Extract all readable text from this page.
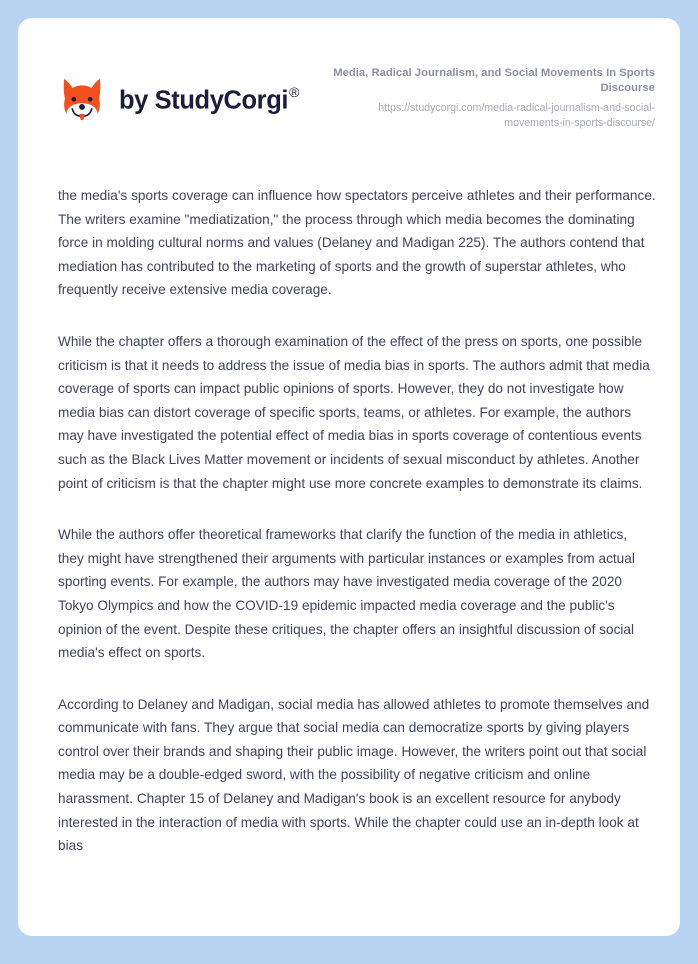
by StudyCorgi®
Media, Radical Journalism, and Social Movements In Sports Discourse
https://studycorgi.com/media-radical-journalism-and-social-movements-in-sports-discourse/

the media's sports coverage can influence how spectators perceive athletes and their performance. The writers examine "mediatization," the process through which media becomes the dominating force in molding cultural norms and values (Delaney and Madigan 225). The authors contend that mediation has contributed to the marketing of sports and the growth of superstar athletes, who frequently receive extensive media coverage.

While the chapter offers a thorough examination of the effect of the press on sports, one possible criticism is that it needs to address the issue of media bias in sports. The authors admit that media coverage of sports can impact public opinions of sports. However, they do not investigate how media bias can distort coverage of specific sports, teams, or athletes. For example, the authors may have investigated the potential effect of media bias in sports coverage of contentious events such as the Black Lives Matter movement or incidents of sexual misconduct by athletes. Another point of criticism is that the chapter might use more concrete examples to demonstrate its claims.

While the authors offer theoretical frameworks that clarify the function of the media in athletics, they might have strengthened their arguments with particular instances or examples from actual sporting events. For example, the authors may have investigated media coverage of the 2020 Tokyo Olympics and how the COVID-19 epidemic impacted media coverage and the public's opinion of the event. Despite these critiques, the chapter offers an insightful discussion of social media's effect on sports.

According to Delaney and Madigan, social media has allowed athletes to promote themselves and communicate with fans. They argue that social media can democratize sports by giving players control over their brands and shaping their public image. However, the writers point out that social media may be a double-edged sword, with the possibility of negative criticism and online harassment. Chapter 15 of Delaney and Madigan's book is an excellent resource for anybody interested in the interaction of media with sports. While the chapter could use an in-depth look at bias
